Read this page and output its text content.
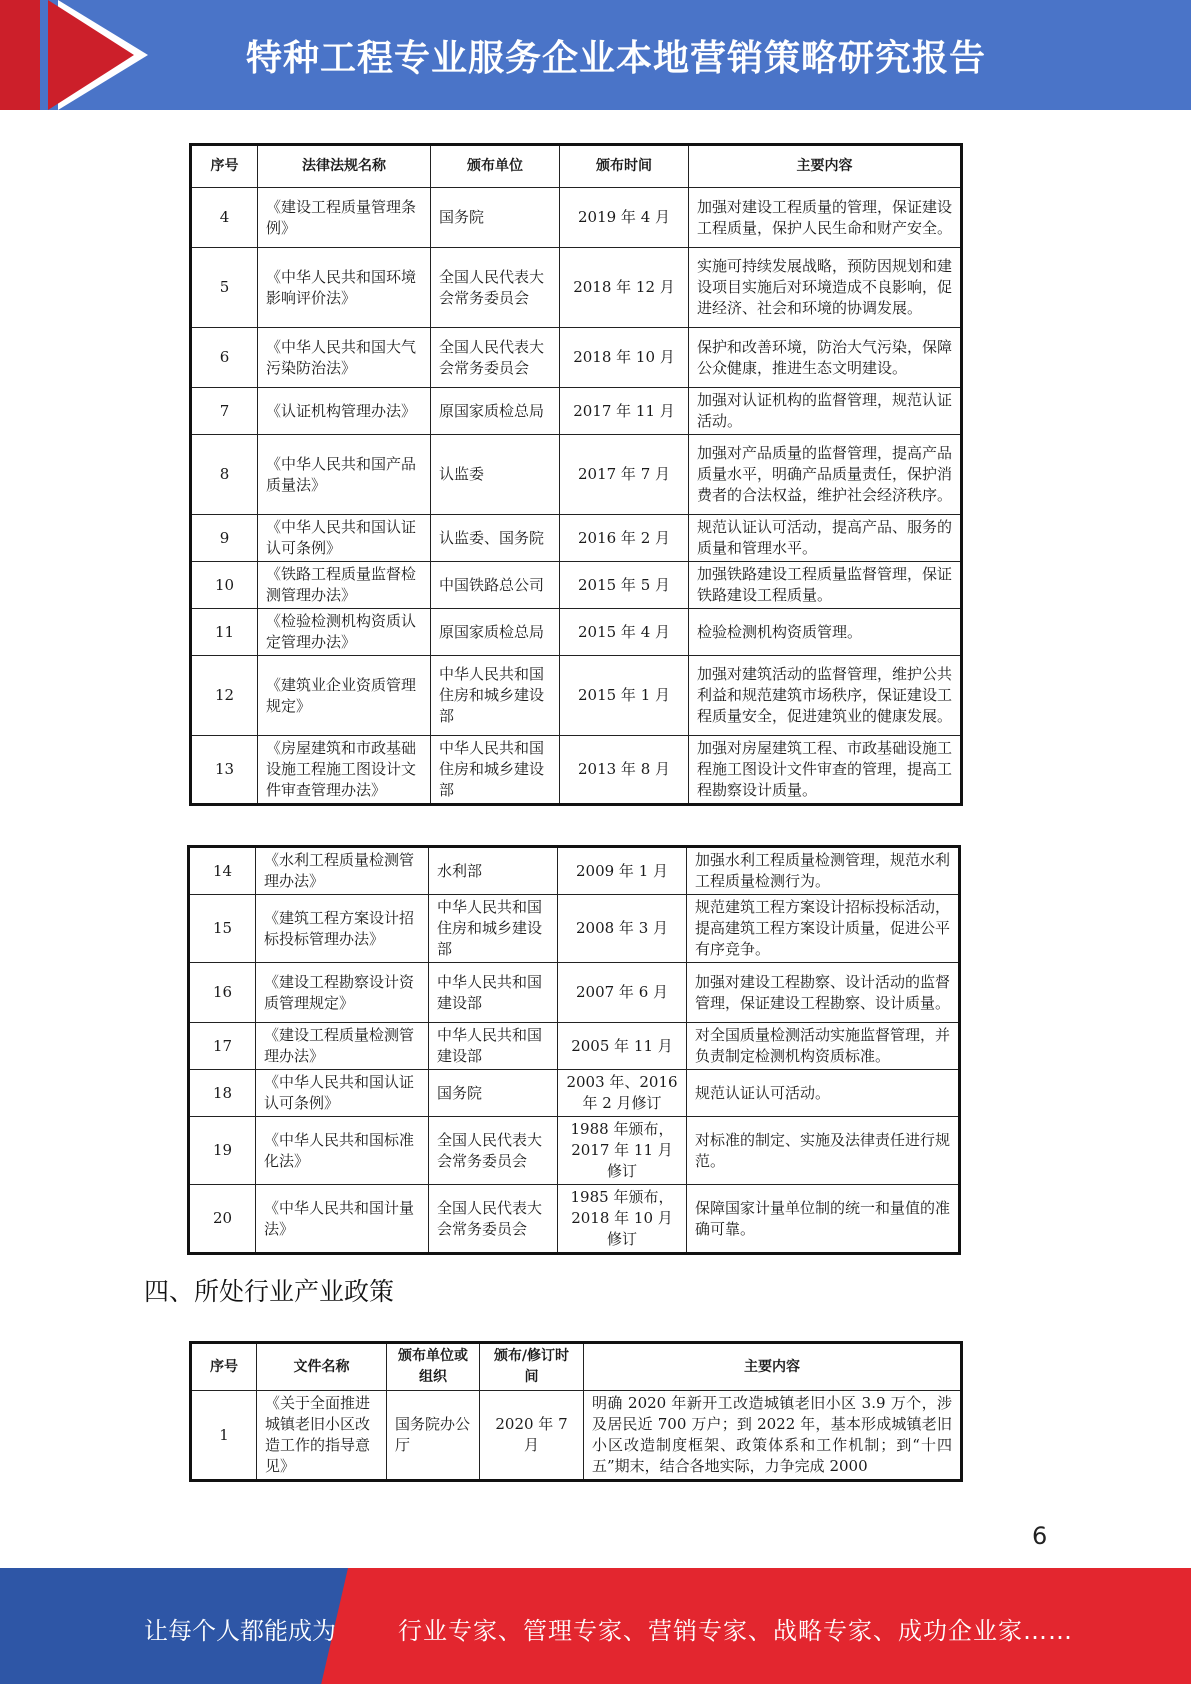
特种工程专业服务企业本地营销策略研究报告
序号	法律法规名称	颁布单位	颁布时间	主要内容
4	《建设工程质量管理条例》	国务院	2019 年 4 月	加强对建设工程质量的管理，保证建设工程质量，保护人民生命和财产安全。
5	《中华人民共和国环境影响评价法》	全国人民代表大会常务委员会	2018 年 12 月	实施可持续发展战略，预防因规划和建设项目实施后对环境造成不良影响，促进经济、社会和环境的协调发展。
6	《中华人民共和国大气污染防治法》	全国人民代表大会常务委员会	2018 年 10 月	保护和改善环境，防治大气污染，保障公众健康，推进生态文明建设。
7	《认证机构管理办法》	原国家质检总局	2017 年 11 月	加强对认证机构的监督管理，规范认证活动。
8	《中华人民共和国产品质量法》	认监委	2017 年 7 月	加强对产品质量的监督管理，提高产品质量水平，明确产品质量责任，保护消费者的合法权益，维护社会经济秩序。
9	《中华人民共和国认证认可条例》	认监委、国务院	2016 年 2 月	规范认证认可活动，提高产品、服务的质量和管理水平。
10	《铁路工程质量监督检测管理办法》	中国铁路总公司	2015 年 5 月	加强铁路建设工程质量监督管理，保证铁路建设工程质量。
11	《检验检测机构资质认定管理办法》	原国家质检总局	2015 年 4 月	检验检测机构资质管理。
12	《建筑业企业资质管理规定》	中华人民共和国住房和城乡建设部	2015 年 1 月	加强对建筑活动的监督管理，维护公共利益和规范建筑市场秩序，保证建设工程质量安全，促进建筑业的健康发展。
13	《房屋建筑和市政基础设施工程施工图设计文件审查管理办法》	中华人民共和国住房和城乡建设部	2013 年 8 月	加强对房屋建筑工程、市政基础设施工程施工图设计文件审查的管理，提高工程勘察设计质量。
14	《水利工程质量检测管理办法》	水利部	2009 年 1 月	加强水利工程质量检测管理，规范水利工程质量检测行为。
15	《建筑工程方案设计招标投标管理办法》	中华人民共和国住房和城乡建设部	2008 年 3 月	规范建筑工程方案设计招标投标活动，提高建筑工程方案设计质量，促进公平有序竞争。
16	《建设工程勘察设计资质管理规定》	中华人民共和国建设部	2007 年 6 月	加强对建设工程勘察、设计活动的监督管理，保证建设工程勘察、设计质量。
17	《建设工程质量检测管理办法》	中华人民共和国建设部	2005 年 11 月	对全国质量检测活动实施监督管理，并负责制定检测机构资质标准。
18	《中华人民共和国认证认可条例》	国务院	2003 年、2016 年 2 月修订	规范认证认可活动。
19	《中华人民共和国标准化法》	全国人民代表大会常务委员会	1988 年颁布，2017 年 11 月修订	对标准的制定、实施及法律责任进行规范。
20	《中华人民共和国计量法》	全国人民代表大会常务委员会	1985 年颁布，2018 年 10 月修订	保障国家计量单位制的统一和量值的准确可靠。
四、所处行业产业政策
序号	文件名称	颁布单位或组织	颁布/修订时间	主要内容
1	《关于全面推进城镇老旧小区改造工作的指导意见》	国务院办公厅	2020 年 7 月	明确 2020 年新开工改造城镇老旧小区 3.9 万个，涉及居民近 700 万户；到 2022 年，基本形成城镇老旧小区改造制度框架、政策体系和工作机制；到“十四五”期末，结合各地实际，力争完成 2000
6
让每个人都能成为	行业专家、管理专家、营销专家、战略专家、成功企业家……
